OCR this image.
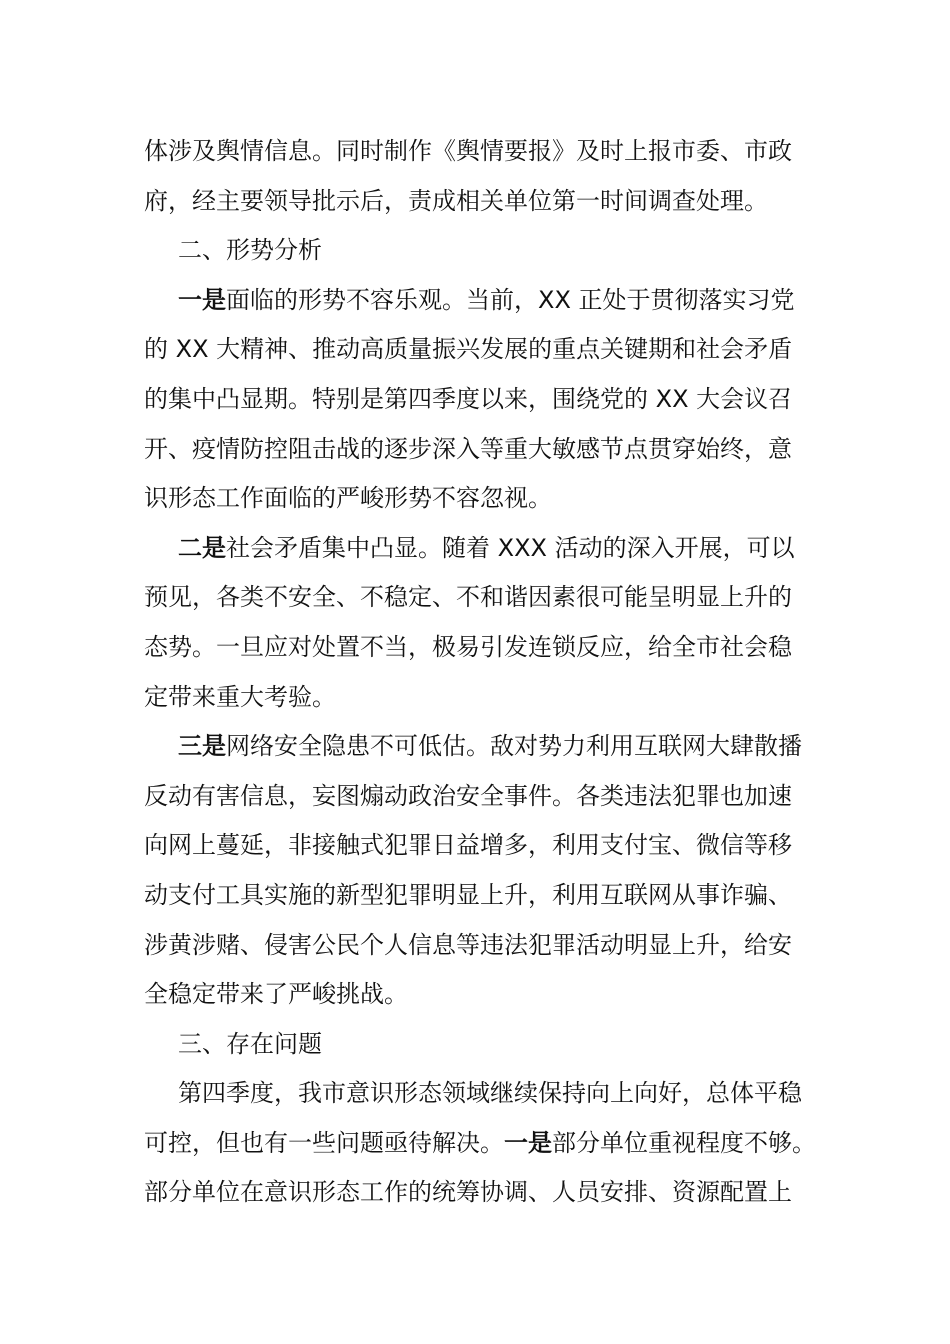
体涉及舆情信息。同时制作《舆情要报》及时上报市委、市政
府，经主要领导批示后，责成相关单位第一时间调查处理。
二、形势分析
一是面临的形势不容乐观。当前，XX 正处于贯彻落实习党
的 XX 大精神、推动高质量振兴发展的重点关键期和社会矛盾
的集中凸显期。特别是第四季度以来，围绕党的 XX 大会议召
开、疫情防控阻击战的逐步深入等重大敏感节点贯穿始终，意
识形态工作面临的严峻形势不容忽视。
二是社会矛盾集中凸显。随着 XXX 活动的深入开展，可以
预见，各类不安全、不稳定、不和谐因素很可能呈明显上升的
态势。一旦应对处置不当，极易引发连锁反应，给全市社会稳
定带来重大考验。
三是网络安全隐患不可低估。敌对势力利用互联网大肆散播
反动有害信息，妄图煽动政治安全事件。各类违法犯罪也加速
向网上蔓延，非接触式犯罪日益增多，利用支付宝、微信等移
动支付工具实施的新型犯罪明显上升，利用互联网从事诈骗、
涉黄涉赌、侵害公民个人信息等违法犯罪活动明显上升，给安
全稳定带来了严峻挑战。
三、存在问题
第四季度，我市意识形态领域继续保持向上向好，总体平稳
可控，但也有一些问题亟待解决。一是部分单位重视程度不够。
部分单位在意识形态工作的统筹协调、人员安排、资源配置上
